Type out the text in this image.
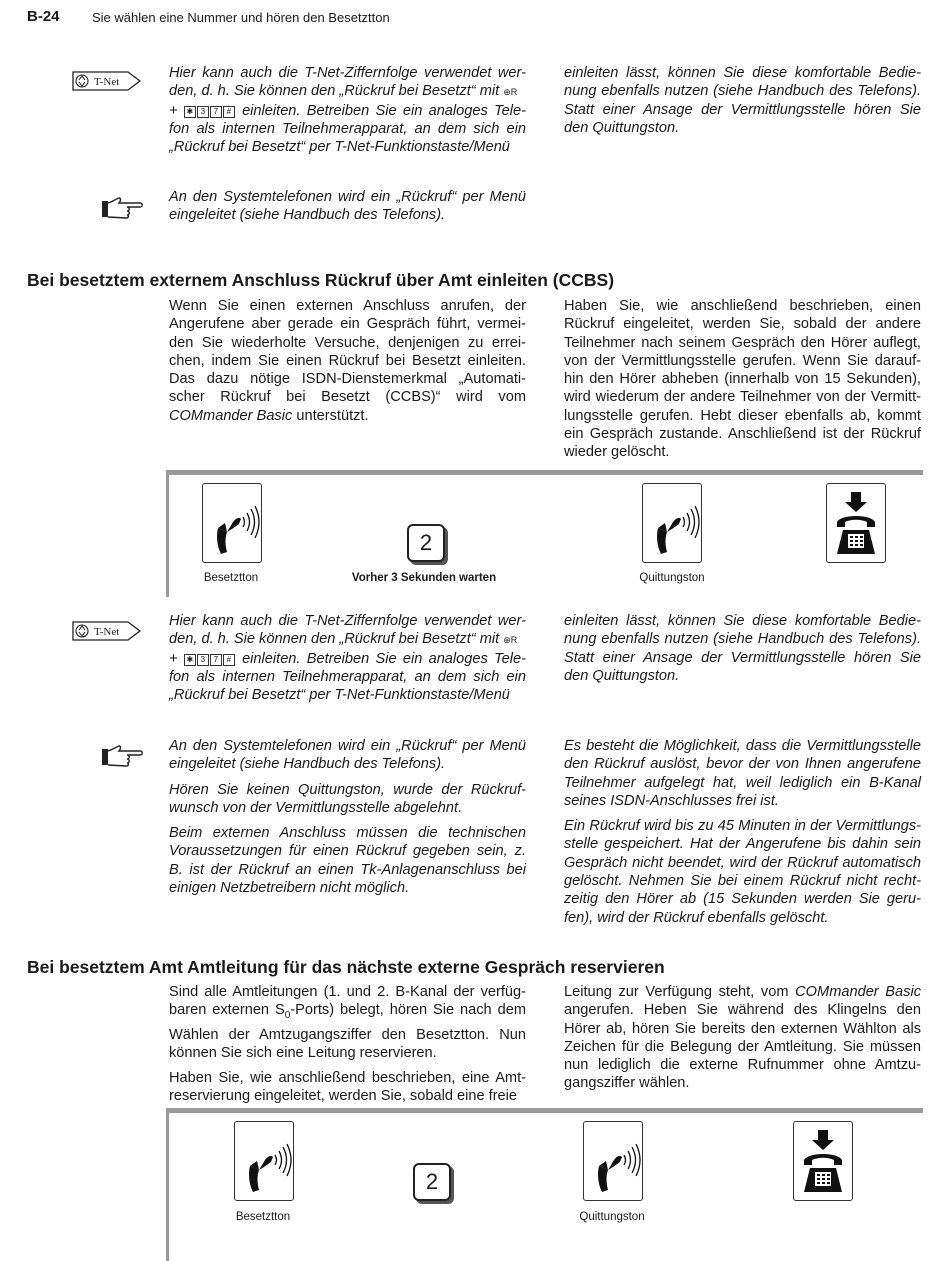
B-24 Sie wählen eine Nummer und hören den Besetztton
T-Net
Hier kann auch die T-Net-Ziffernfolge verwendet wer-den, d. h. Sie können den „Rückruf bei Besetzt“ mit ⊕R
+ ✱ 3 7 # einleiten. Betreiben Sie ein analoges Tele-fon als internen Teilnehmerapparat, an dem sich ein „Rückruf bei Besetzt“ per T-Net-Funktionstaste/Menü
einleiten lässt, können Sie diese komfortable Bedie-nung ebenfalls nutzen (siehe Handbuch des Telefons). Statt einer Ansage der Vermittlungsstelle hören Sie den Quittungston.
An den Systemtelefonen wird ein „Rückruf“ per Menü eingeleitet (siehe Handbuch des Telefons).
Bei besetztem externem Anschluss Rückruf über Amt einleiten (CCBS)
Wenn Sie einen externen Anschluss anrufen, der Angerufene aber gerade ein Gespräch führt, vermei-den Sie wiederholte Versuche, denjenigen zu errei-chen, indem Sie einen Rückruf bei Besetzt einleiten. Das dazu nötige ISDN-Dienstemerkmal „Automati-scher Rückruf bei Besetzt (CCBS)“ wird vom COMmander Basic unterstützt.
Haben Sie, wie anschließend beschrieben, einen Rückruf eingeleitet, werden Sie, sobald der andere Teilnehmer nach seinem Gespräch den Hörer auflegt, von der Vermittlungsstelle gerufen. Wenn Sie darauf-hin den Hörer abheben (innerhalb von 15 Sekunden), wird wiederum der andere Teilnehmer von der Vermitt-lungsstelle gerufen. Hebt dieser ebenfalls ab, kommt ein Gespräch zustande. Anschließend ist der Rückruf wieder gelöscht.
Besetztton
2
Vorher 3 Sekunden warten	Quittungston
T-Net
Hier kann auch die T-Net-Ziffernfolge verwendet wer-den, d. h. Sie können den „Rückruf bei Besetzt“ mit ⊕R
+ ✱ 3 7 # einleiten. Betreiben Sie ein analoges Tele-fon als internen Teilnehmerapparat, an dem sich ein „Rückruf bei Besetzt“ per T-Net-Funktionstaste/Menü
einleiten lässt, können Sie diese komfortable Bedie-nung ebenfalls nutzen (siehe Handbuch des Telefons). Statt einer Ansage der Vermittlungsstelle hören Sie den Quittungston.

An den Systemtelefonen wird ein „Rückruf“ per Menü eingeleitet (siehe Handbuch des Telefons).

Hören Sie keinen Quittungston, wurde der Rückruf-wunsch von der Vermittlungsstelle abgelehnt.

Beim externen Anschluss müssen die technischen Voraussetzungen für einen Rückruf gegeben sein, z. B. ist der Rückruf an einen Tk-Anlagenanschluss bei einigen Netzbetreibern nicht möglich.

Es besteht die Möglichkeit, dass die Vermittlungsstelle den Rückruf auslöst, bevor der von Ihnen angerufene Teilnehmer aufgelegt hat, weil lediglich ein B-Kanal seines ISDN-Anschlusses frei ist.

Ein Rückruf wird bis zu 45 Minuten in der Vermittlungs-stelle gespeichert. Hat der Angerufene bis dahin sein Gespräch nicht beendet, wird der Rückruf automatisch gelöscht. Nehmen Sie bei einem Rückruf nicht recht-zeitig den Hörer ab (15 Sekunden werden Sie geru-fen), wird der Rückruf ebenfalls gelöscht.

Bei besetztem Amt Amtleitung für das nächste externe Gespräch reservieren

Sind alle Amtleitungen (1. und 2. B-Kanal der verfüg-baren externen $S_0-Ports$) belegt, hören Sie nach dem Wählen der Amtzugangsziffer den Besetztton. Nun können Sie sich eine Leitung reservieren.

Haben Sie, wie anschließend beschrieben, eine Amt-reservierung eingeleitet, werden Sie, sobald eine freie

Leitung zur Verfügung steht, vom COMmander Basic angerufen. Heben Sie während des Klingelns den Hörer ab, hören Sie bereits den externen Wählton als Zeichen für die Belegung der Amtleitung. Sie müssen nun lediglich die externe Rufnummer ohne Amtzu-gangsziffer wählen.
Besetztton
2
Quittungston
